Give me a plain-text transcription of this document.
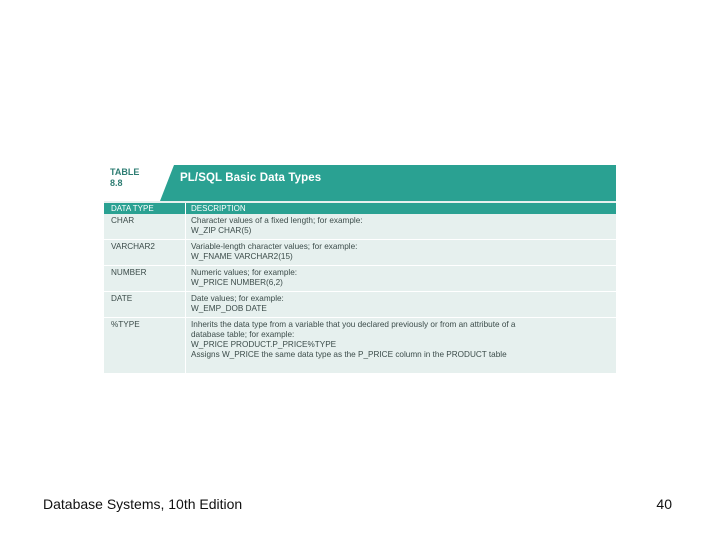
TABLE
8.8	PL/SQL Basic Data Types
DATA TYPE	DESCRIPTION
CHAR	Character values of a fixed length; for example:
W_ZIP CHAR(5)
VARCHAR2	Variable-length character values; for example:
W_FNAME VARCHAR2(15)
NUMBER	Numeric values; for example:
W_PRICE NUMBER(6,2)
DATE	Date values; for example:
W_EMP_DOB DATE
%TYPE	Inherits the data type from a variable that you declared previously or from an attribute of a
database table; for example:
W_PRICE PRODUCT.P_PRICE%TYPE
Assigns W_PRICE the same data type as the P_PRICE column in the PRODUCT table
Database Systems, 10th Edition	40
